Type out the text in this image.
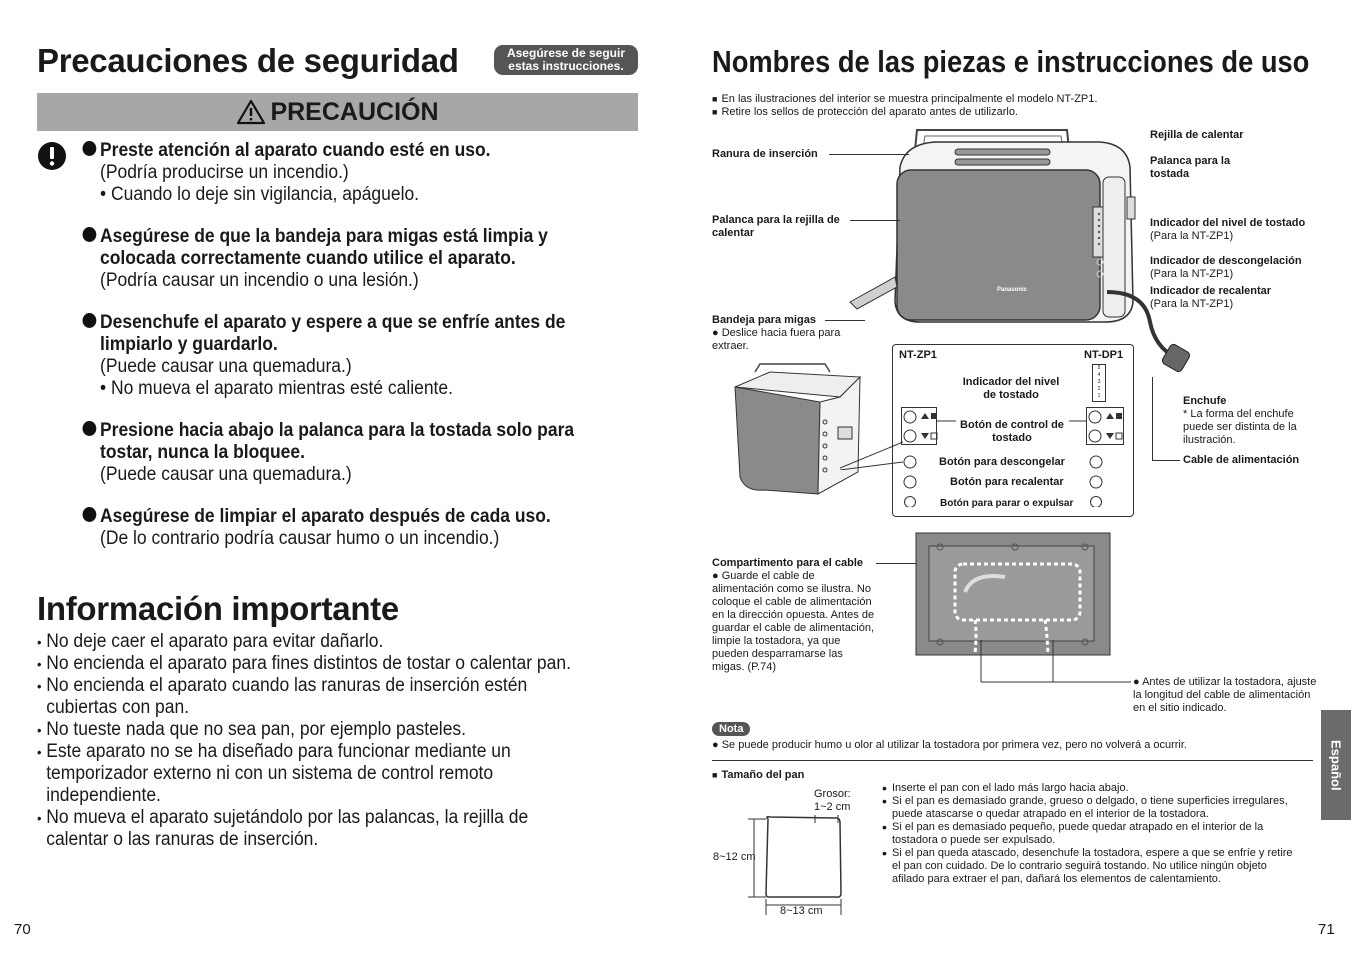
Precauciones de seguridad	Asegúrese de seguir estas instrucciones.
PRECAUCIÓN
Preste atención al aparato cuando esté en uso.
(Podría producirse un incendio.)
• Cuando lo deje sin vigilancia, apáguelo.
Asegúrese de que la bandeja para migas está limpia y colocada correctamente cuando utilice el aparato.
(Podría causar un incendio o una lesión.)
Desenchufe el aparato y espere a que se enfríe antes de limpiarlo y guardarlo.
(Puede causar una quemadura.)
• No mueva el aparato mientras esté caliente.
Presione hacia abajo la palanca para la tostada solo para tostar, nunca la bloquee.
(Puede causar una quemadura.)
Asegúrese de limpiar el aparato después de cada uso.
(De lo contrario podría causar humo o un incendio.)
Información importante
• No deje caer el aparato para evitar dañarlo.
• No encienda el aparato para fines distintos de tostar o calentar pan.
• No encienda el aparato cuando las ranuras de inserción estén cubiertas con pan.
• No tueste nada que no sea pan, por ejemplo pasteles.
• Este aparato no se ha diseñado para funcionar mediante un temporizador externo ni con un sistema de control remoto independiente.
• No mueva el aparato sujetándolo por las palancas, la rejilla de calentar o las ranuras de inserción.
70
Nombres de las piezas e instrucciones de uso
■ En las ilustraciones del interior se muestra principalmente el modelo NT-ZP1.
■ Retire los sellos de protección del aparato antes de utilizarlo.
Panasonic
Ranura de inserción
Palanca para la rejilla de calentar
Bandeja para migas
● Deslice hacia fuera para extraer.
Rejilla de calentar
Palanca para la tostada
Indicador del nivel de tostado (Para la NT-ZP1)
Indicador de descongelación
(Para la NT-ZP1)
Indicador de recalentar
(Para la NT-ZP1)
Enchufe
* La forma del enchufe puede ser distinta de la ilustración.
Cable de alimentación
NT-ZP1	NT-DP1
Indicador del nivel de tostado
5
4
3
2
1
Botón de control de tostado
Botón para descongelar
Botón para recalentar
Botón para parar o expulsar
Compartimento para el cable
● Guarde el cable de alimentación como se ilustra. No coloque el cable de alimentación en la dirección opuesta. Antes de guardar el cable de alimentación, limpie la tostadora, ya que pueden desparramarse las migas. (P.74)
● Antes de utilizar la tostadora, ajuste la longitud del cable de alimentación en el sitio indicado.
Nota
● Se puede producir humo u olor al utilizar la tostadora por primera vez, pero no volverá a ocurrir.
■ Tamaño del pan
Grosor:
1~2 cm
8~12 cm
8~13 cm
• Inserte el pan con el lado más largo hacia abajo.
• Si el pan es demasiado grande, grueso o delgado, o tiene superficies irregulares, puede atascarse o quedar atrapado en el interior de la tostadora.
• Si el pan es demasiado pequeño, puede quedar atrapado en el interior de la tostadora o puede ser expulsado.
• Si el pan queda atascado, desenchufe la tostadora, espere a que se enfríe y retire el pan con cuidado. De lo contrario seguirá tostando. No utilice ningún objeto afilado para extraer el pan, dañará los elementos de calentamiento.
Español
71
